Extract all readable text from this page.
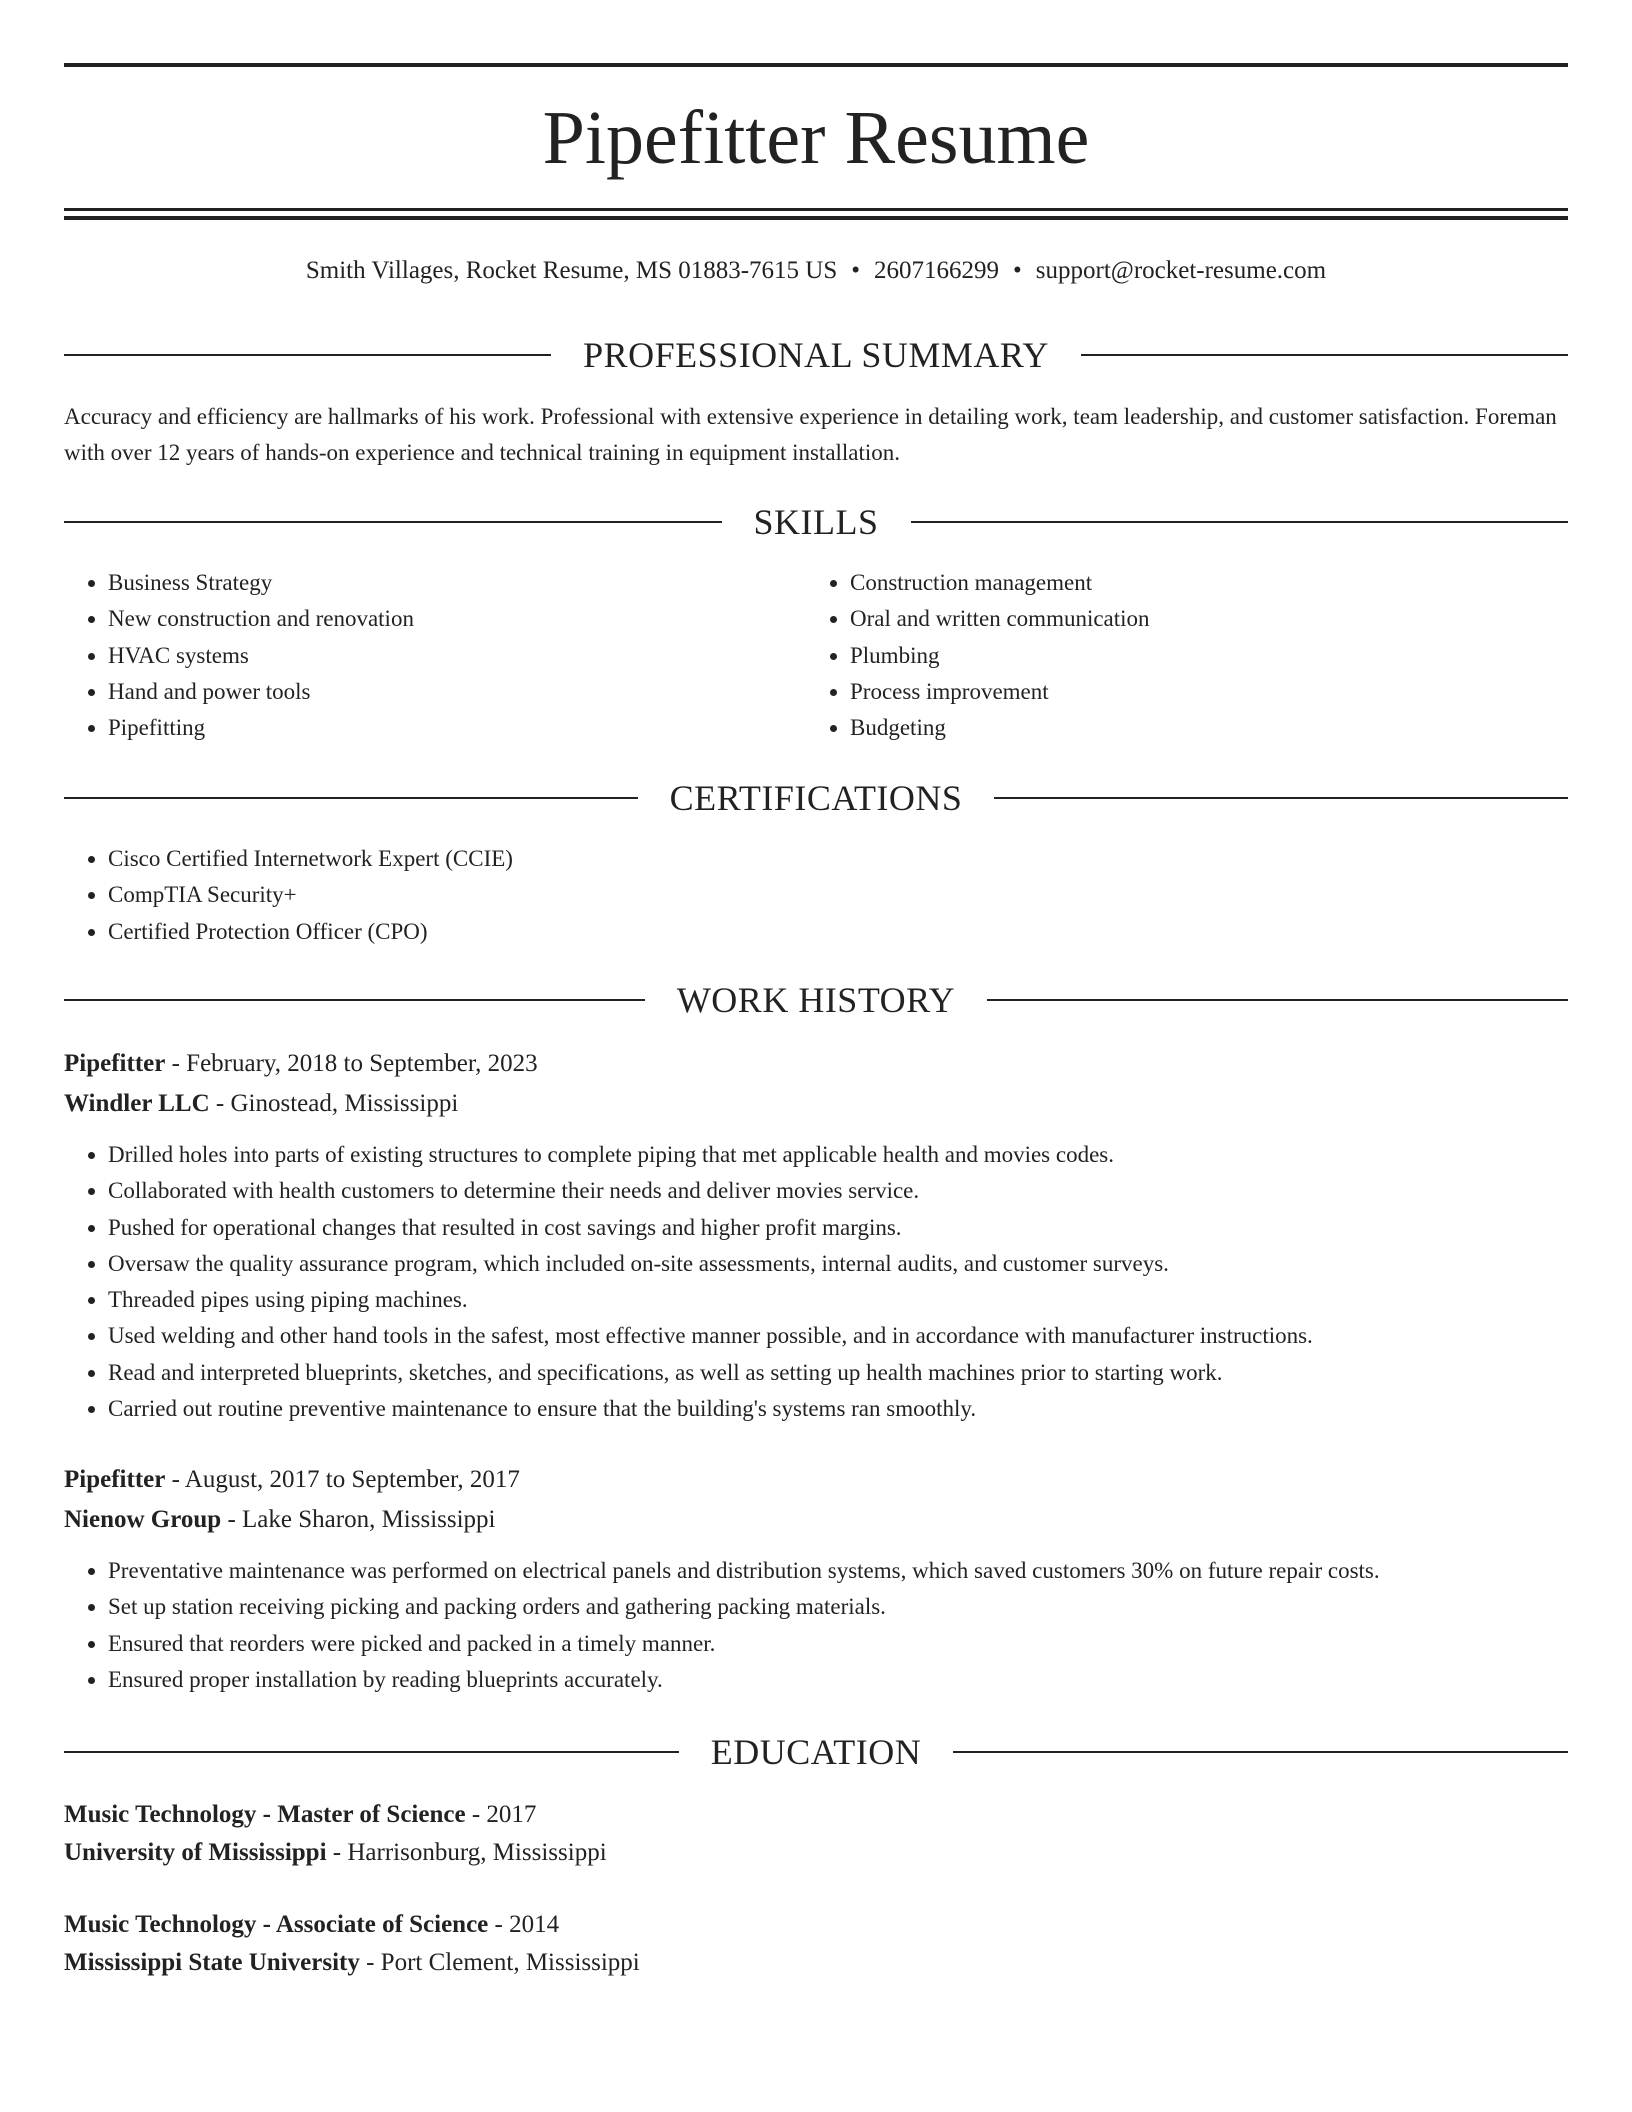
Pipefitter Resume
Smith Villages, Rocket Resume, MS 01883-7615 US • 2607166299 • support@rocket-resume.com
PROFESSIONAL SUMMARY
Accuracy and efficiency are hallmarks of his work. Professional with extensive experience in detailing work, team leadership, and customer satisfaction. Foreman with over 12 years of hands-on experience and technical training in equipment installation.
SKILLS
• Business Strategy
• New construction and renovation
• HVAC systems
• Hand and power tools
• Pipefitting
• Construction management
• Oral and written communication
• Plumbing
• Process improvement
• Budgeting
CERTIFICATIONS
• Cisco Certified Internetwork Expert (CCIE)
• CompTIA Security+
• Certified Protection Officer (CPO)
WORK HISTORY
Pipefitter - February, 2018 to September, 2023
Windler LLC - Ginostead, Mississippi
• Drilled holes into parts of existing structures to complete piping that met applicable health and movies codes.
• Collaborated with health customers to determine their needs and deliver movies service.
• Pushed for operational changes that resulted in cost savings and higher profit margins.
• Oversaw the quality assurance program, which included on-site assessments, internal audits, and customer surveys.
• Threaded pipes using piping machines.
• Used welding and other hand tools in the safest, most effective manner possible, and in accordance with manufacturer instructions.
• Read and interpreted blueprints, sketches, and specifications, as well as setting up health machines prior to starting work.
• Carried out routine preventive maintenance to ensure that the building's systems ran smoothly.
Pipefitter - August, 2017 to September, 2017
Nienow Group - Lake Sharon, Mississippi
• Preventative maintenance was performed on electrical panels and distribution systems, which saved customers 30% on future repair costs.
• Set up station receiving picking and packing orders and gathering packing materials.
• Ensured that reorders were picked and packed in a timely manner.
• Ensured proper installation by reading blueprints accurately.
EDUCATION
Music Technology - Master of Science - 2017
University of Mississippi - Harrisonburg, Mississippi
Music Technology - Associate of Science - 2014
Mississippi State University - Port Clement, Mississippi
